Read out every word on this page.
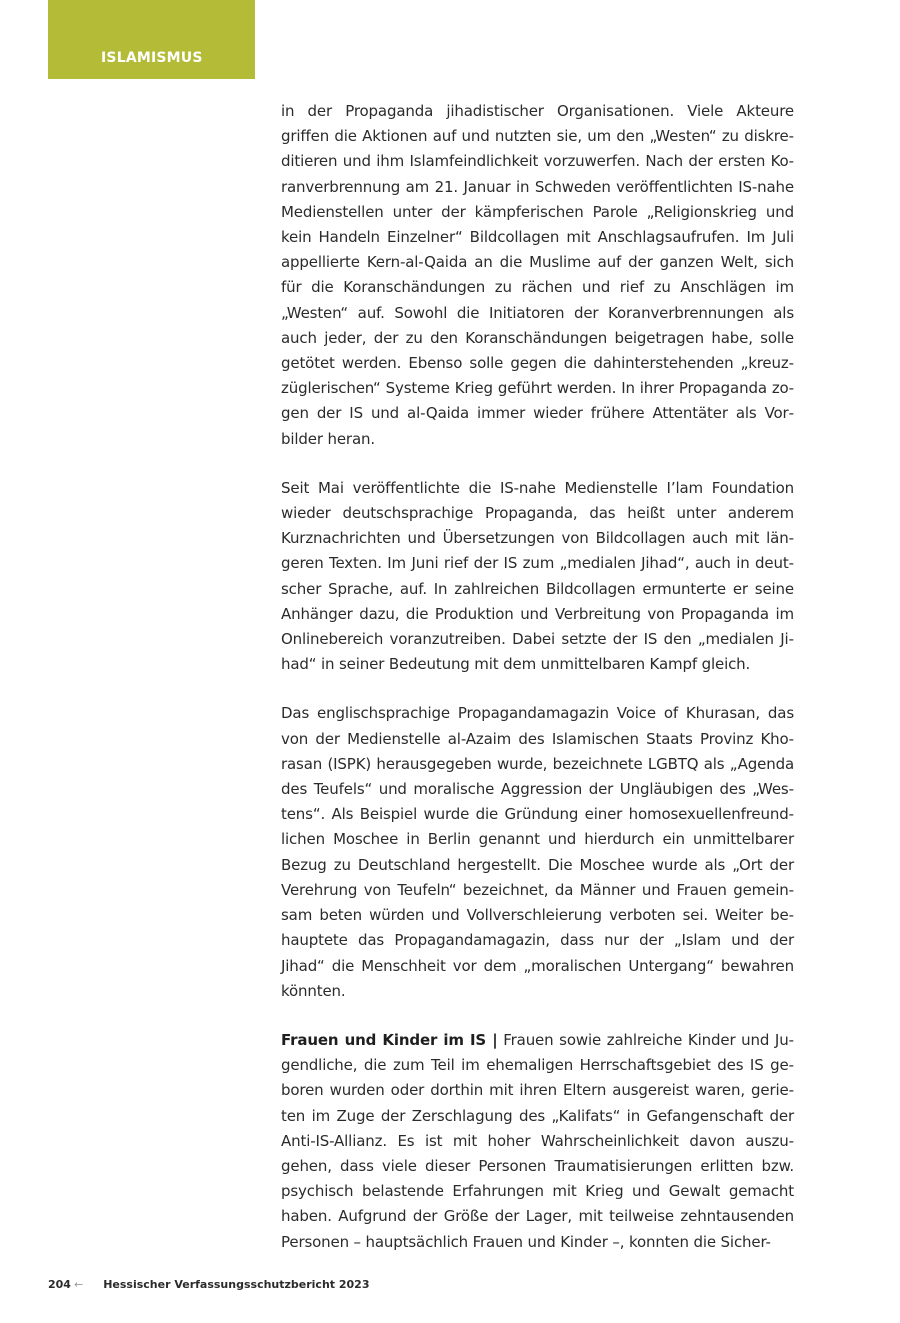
ISLAMISMUS

in der Propaganda jihadistischer Organisationen. Viele Akteure griffen die Aktionen auf und nutzten sie, um den „Westen“ zu diskreditieren und ihm Islamfeindlichkeit vorzuwerfen. Nach der ersten Koranverbrennung am 21. Januar in Schweden veröffentlichten IS-nahe Medienstellen unter der kämpferischen Parole „Religionskrieg und kein Handeln Einzelner“ Bildcollagen mit Anschlagsaufrufen. Im Juli appellierte Kern-al-Qaida an die Muslime auf der ganzen Welt, sich für die Koranschändungen zu rächen und rief zu Anschlägen im „Westen“ auf. Sowohl die Initiatoren der Koranverbrennungen als auch jeder, der zu den Koranschändungen beigetragen habe, solle getötet werden. Ebenso solle gegen die dahinterstehenden „kreuzzüglerischen“ Systeme Krieg geführt werden. In ihrer Propaganda zogen der IS und al-Qaida immer wieder frühere Attentäter als Vorbilder heran.

Seit Mai veröffentlichte die IS-nahe Medienstelle I’lam Foundation wieder deutschsprachige Propaganda, das heißt unter anderem Kurznachrichten und Übersetzungen von Bildcollagen auch mit längeren Texten. Im Juni rief der IS zum „medialen Jihad“, auch in deutscher Sprache, auf. In zahlreichen Bildcollagen ermunterte er seine Anhänger dazu, die Produktion und Verbreitung von Propaganda im Onlinebereich voranzutreiben. Dabei setzte der IS den „medialen Jihad“ in seiner Bedeutung mit dem unmittelbaren Kampf gleich.

Das englischsprachige Propagandamagazin Voice of Khurasan, das von der Medienstelle al-Azaim des Islamischen Staats Provinz Khorasan (ISPK) herausgegeben wurde, bezeichnete LGBTQ als „Agenda des Teufels“ und moralische Aggression der Ungläubigen des „Westens“. Als Beispiel wurde die Gründung einer homosexuellenfreundlichen Moschee in Berlin genannt und hierdurch ein unmittelbarer Bezug zu Deutschland hergestellt. Die Moschee wurde als „Ort der Verehrung von Teufeln“ bezeichnet, da Männer und Frauen gemeinsam beten würden und Vollverschleierung verboten sei. Weiter behauptete das Propagandamagazin, dass nur der „Islam und der Jihad“ die Menschheit vor dem „moralischen Untergang“ bewahren könnten.

Frauen und Kinder im IS | Frauen sowie zahlreiche Kinder und Jugendliche, die zum Teil im ehemaligen Herrschaftsgebiet des IS geboren wurden oder dorthin mit ihren Eltern ausgereist waren, gerieten im Zuge der Zerschlagung des „Kalifats“ in Gefangenschaft der Anti-IS-Allianz. Es ist mit hoher Wahrscheinlichkeit davon auszugehen, dass viele dieser Personen Traumatisierungen erlitten bzw. psychisch belastende Erfahrungen mit Krieg und Gewalt gemacht haben. Aufgrund der Größe der Lager, mit teilweise zehntausenden Personen – hauptsächlich Frauen und Kinder –, konnten die Sicher-

204 ← Hessischer Verfassungsschutzbericht 2023
